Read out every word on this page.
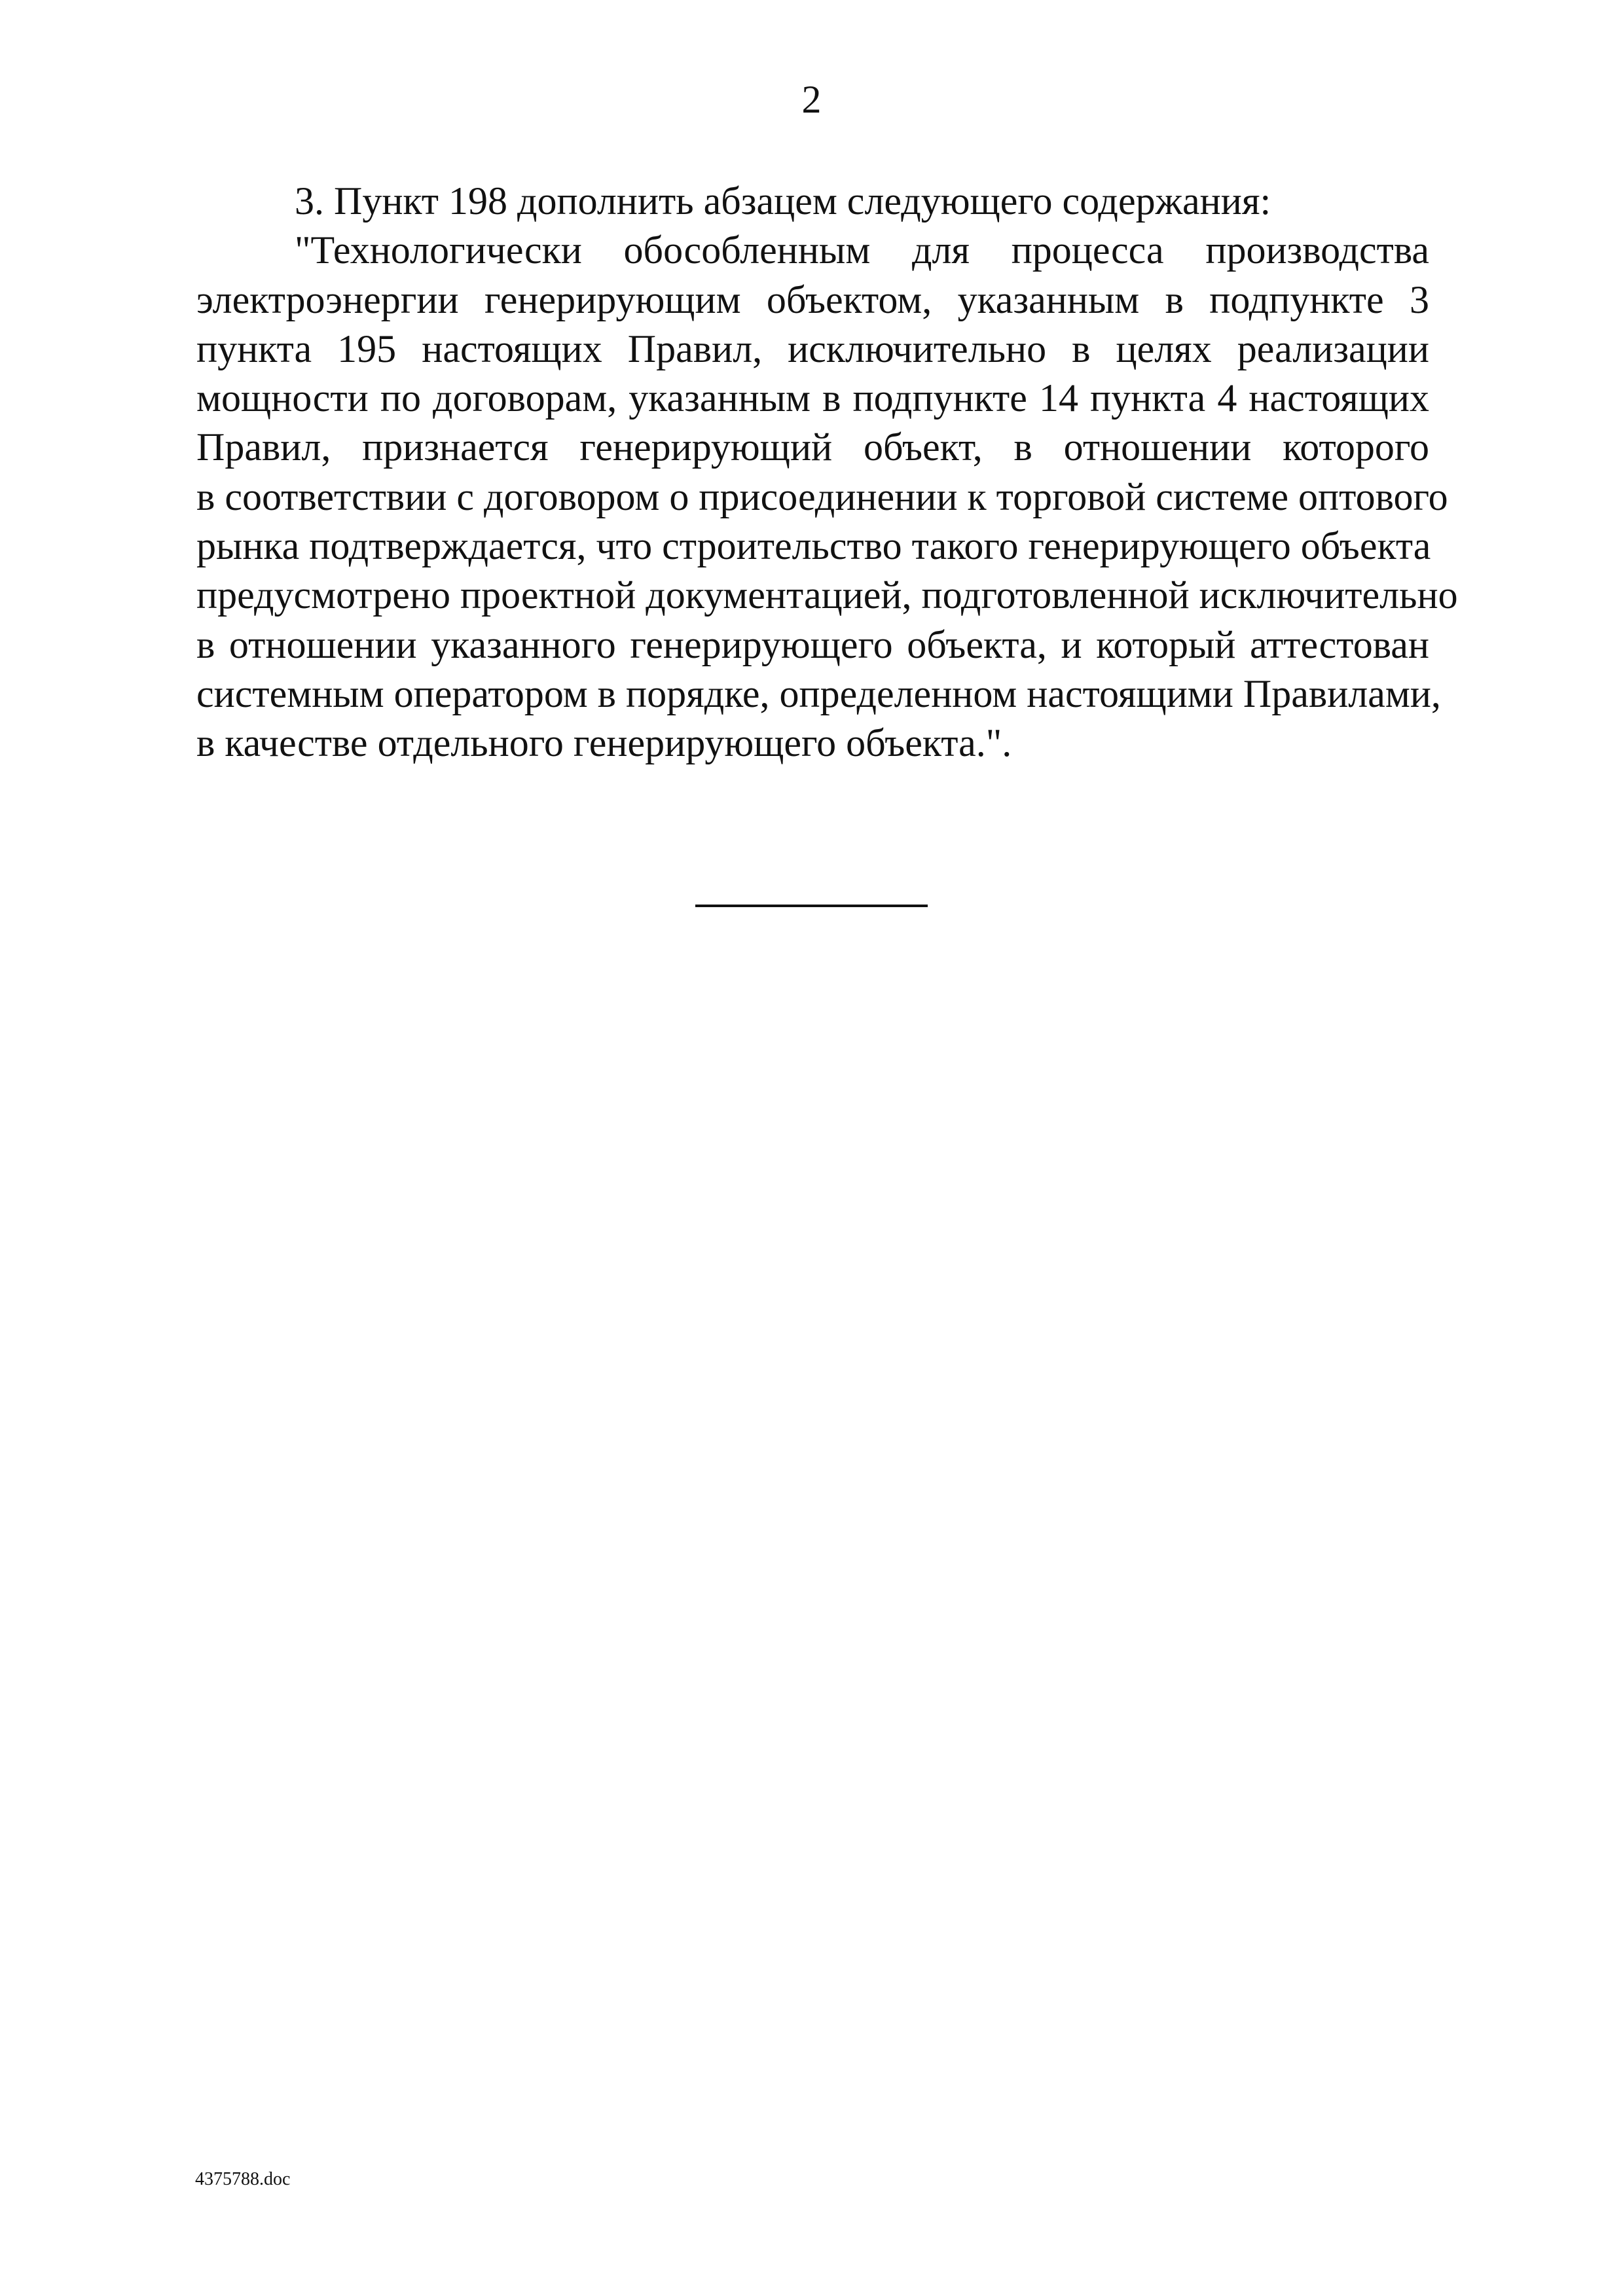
2
3. Пункт 198 дополнить абзацем следующего содержания:
"Технологически обособленным для процесса производства
электроэнергии генерирующим объектом, указанным в подпункте 3
пункта 195 настоящих Правил, исключительно в целях реализации
мощности по договорам, указанным в подпункте 14 пункта 4 настоящих
Правил, признается генерирующий объект, в отношении которого
в соответствии с договором о присоединении к торговой системе оптового
рынка подтверждается, что строительство такого генерирующего объекта
предусмотрено проектной документацией, подготовленной исключительно
в отношении указанного генерирующего объекта, и который аттестован
системным оператором в порядке, определенном настоящими Правилами,
в качестве отдельного генерирующего объекта.".
4375788.doc
